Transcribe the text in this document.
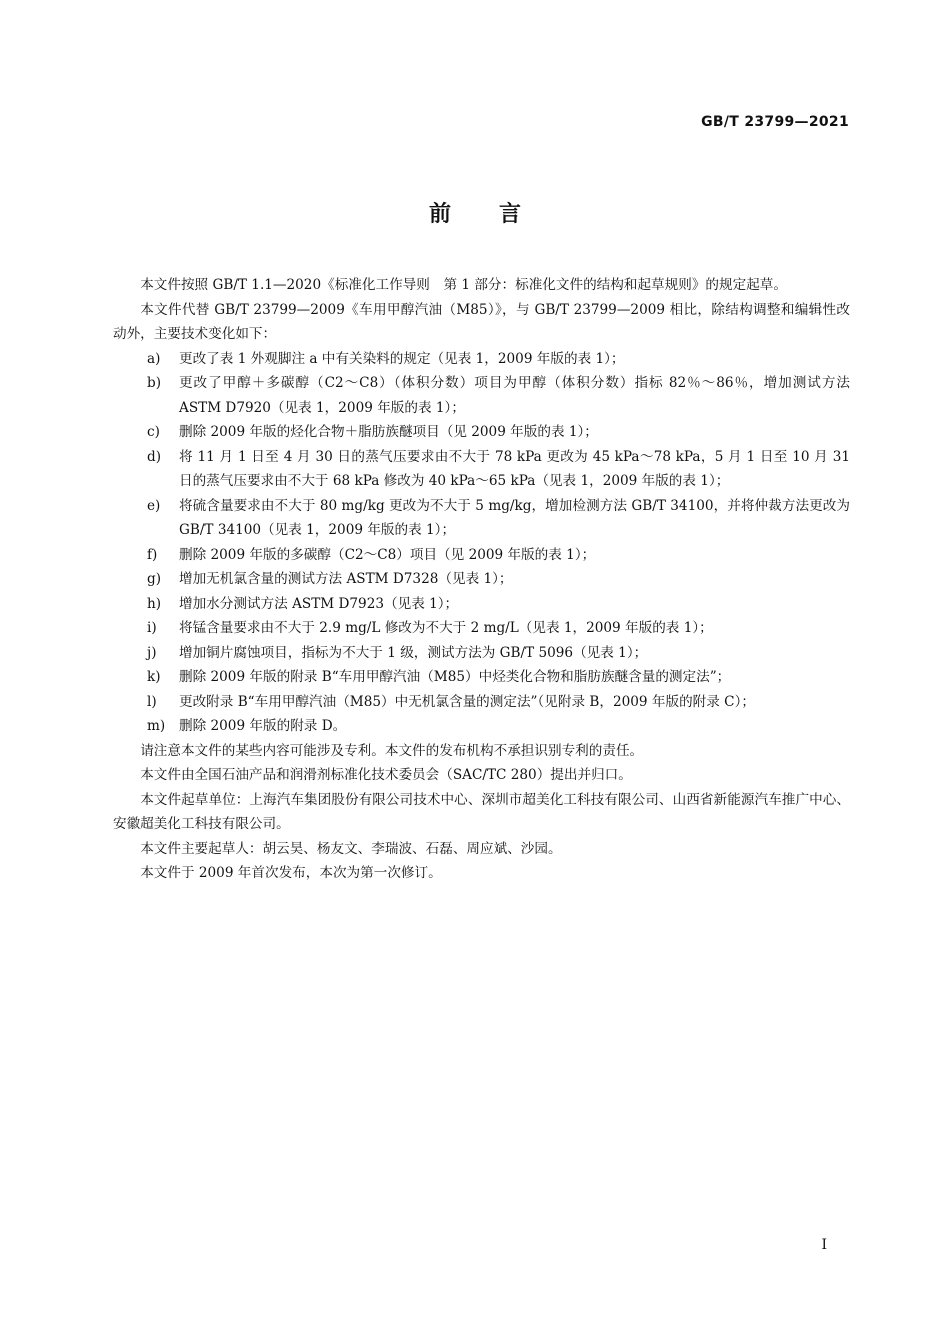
GB/T 23799—2021
前言

本文件按照 GB/T 1.1—2020《标准化工作导则　第 1 部分：标准化文件的结构和起草规则》的规定起草。

本文件代替 GB/T 23799—2009《车用甲醇汽油（M85）》，与 GB/T 23799—2009 相比，除结构调整和编辑性改动外，主要技术变化如下：

a) 更改了表 1 外观脚注 a 中有关染料的规定（见表 1，2009 年版的表 1）；
b) 更改了甲醇＋多碳醇（C2～C8）（体积分数）项目为甲醇（体积分数）指标 82％～86％，增加测试方法 ASTM D7920（见表 1，2009 年版的表 1）；
c) 删除 2009 年版的烃化合物＋脂肪族醚项目（见 2009 年版的表 1）；
d) 将 11 月 1 日至 4 月 30 日的蒸气压要求由不大于 78 kPa 更改为 45 kPa～78 kPa，5 月 1 日至 10 月 31 日的蒸气压要求由不大于 68 kPa 修改为 40 kPa～65 kPa（见表 1，2009 年版的表 1）；
e) 将硫含量要求由不大于 80 mg/kg 更改为不大于 5 mg/kg，增加检测方法 GB/T 34100，并将仲裁方法更改为 GB/T 34100（见表 1，2009 年版的表 1）；
f) 删除 2009 年版的多碳醇（C2～C8）项目（见 2009 年版的表 1）；
g) 增加无机氯含量的测试方法 ASTM D7328（见表 1）；
h) 增加水分测试方法 ASTM D7923（见表 1）；
i) 将锰含量要求由不大于 2.9 mg/L 修改为不大于 2 mg/L（见表 1，2009 年版的表 1）；
j) 增加铜片腐蚀项目，指标为不大于 1 级，测试方法为 GB/T 5096（见表 1）；
k) 删除 2009 年版的附录 B“车用甲醇汽油（M85）中烃类化合物和脂肪族醚含量的测定法”；
l) 更改附录 B“车用甲醇汽油（M85）中无机氯含量的测定法”（见附录 B，2009 年版的附录 C）；
m) 删除 2009 年版的附录 D。

请注意本文件的某些内容可能涉及专利。本文件的发布机构不承担识别专利的责任。

本文件由全国石油产品和润滑剂标准化技术委员会（SAC/TC 280）提出并归口。

本文件起草单位：上海汽车集团股份有限公司技术中心、深圳市超美化工科技有限公司、山西省新能源汽车推广中心、安徽超美化工科技有限公司。

本文件主要起草人：胡云昊、杨友文、李瑞波、石磊、周应斌、沙园。

本文件于 2009 年首次发布，本次为第一次修订。

I
